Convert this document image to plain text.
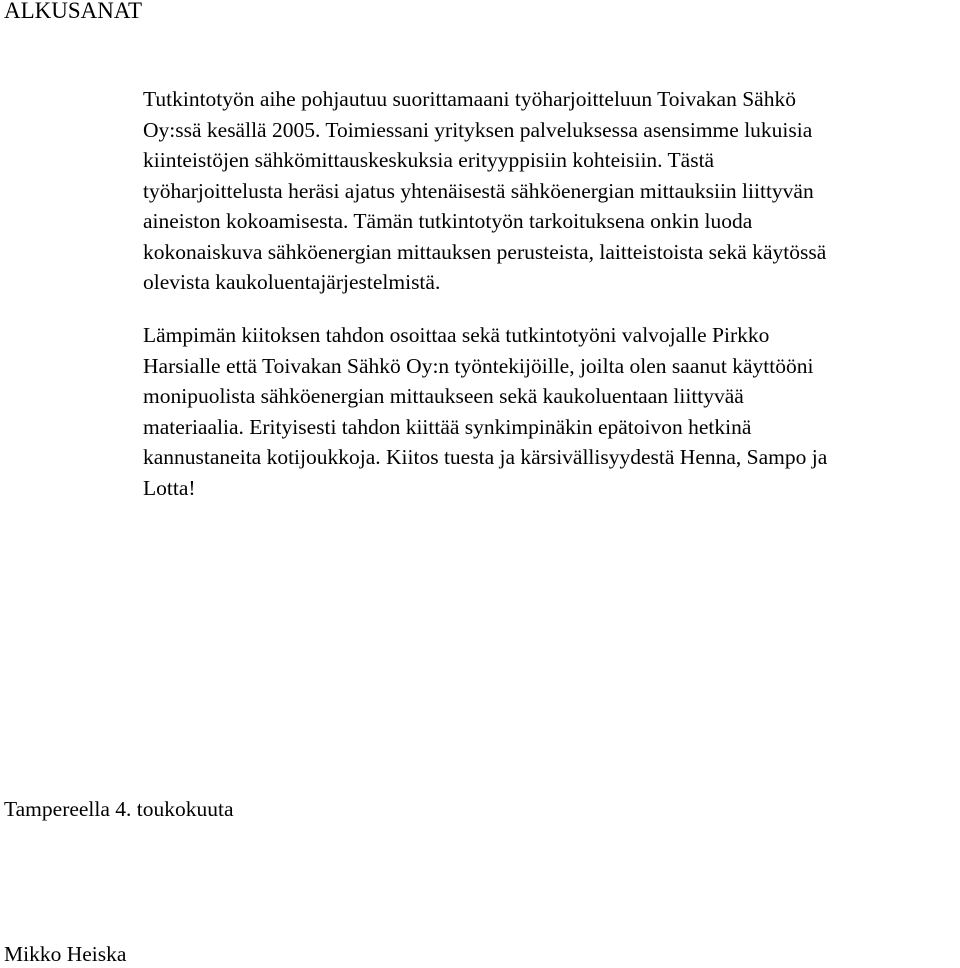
ALKUSANAT

Tutkintotyön aihe pohjautuu suorittamaani työharjoitteluun Toivakan Sähkö
Oy:ssä kesällä 2005. Toimiessani yrityksen palveluksessa asensimme lukuisia
kiinteistöjen sähkömittauskeskuksia erityyppisiin kohteisiin. Tästä
työharjoittelusta heräsi ajatus yhtenäisestä sähköenergian mittauksiin liittyvän
aineiston kokoamisesta. Tämän tutkintotyön tarkoituksena onkin luoda
kokonaiskuva sähköenergian mittauksen perusteista, laitteistoista sekä käytössä
olevista kaukoluentajärjestelmistä.

Lämpimän kiitoksen tahdon osoittaa sekä tutkintotyöni valvojalle Pirkko
Harsialle että Toivakan Sähkö Oy:n työntekijöille, joilta olen saanut käyttööni
monipuolista sähköenergian mittaukseen sekä kaukoluentaan liittyvää
materiaalia. Erityisesti tahdon kiittää synkimpinäkin epätoivon hetkinä
kannustaneita kotijoukkoja. Kiitos tuesta ja kärsivällisyydestä Henna, Sampo ja
Lotta!

Tampereella 4. toukokuuta

Mikko Heiska
